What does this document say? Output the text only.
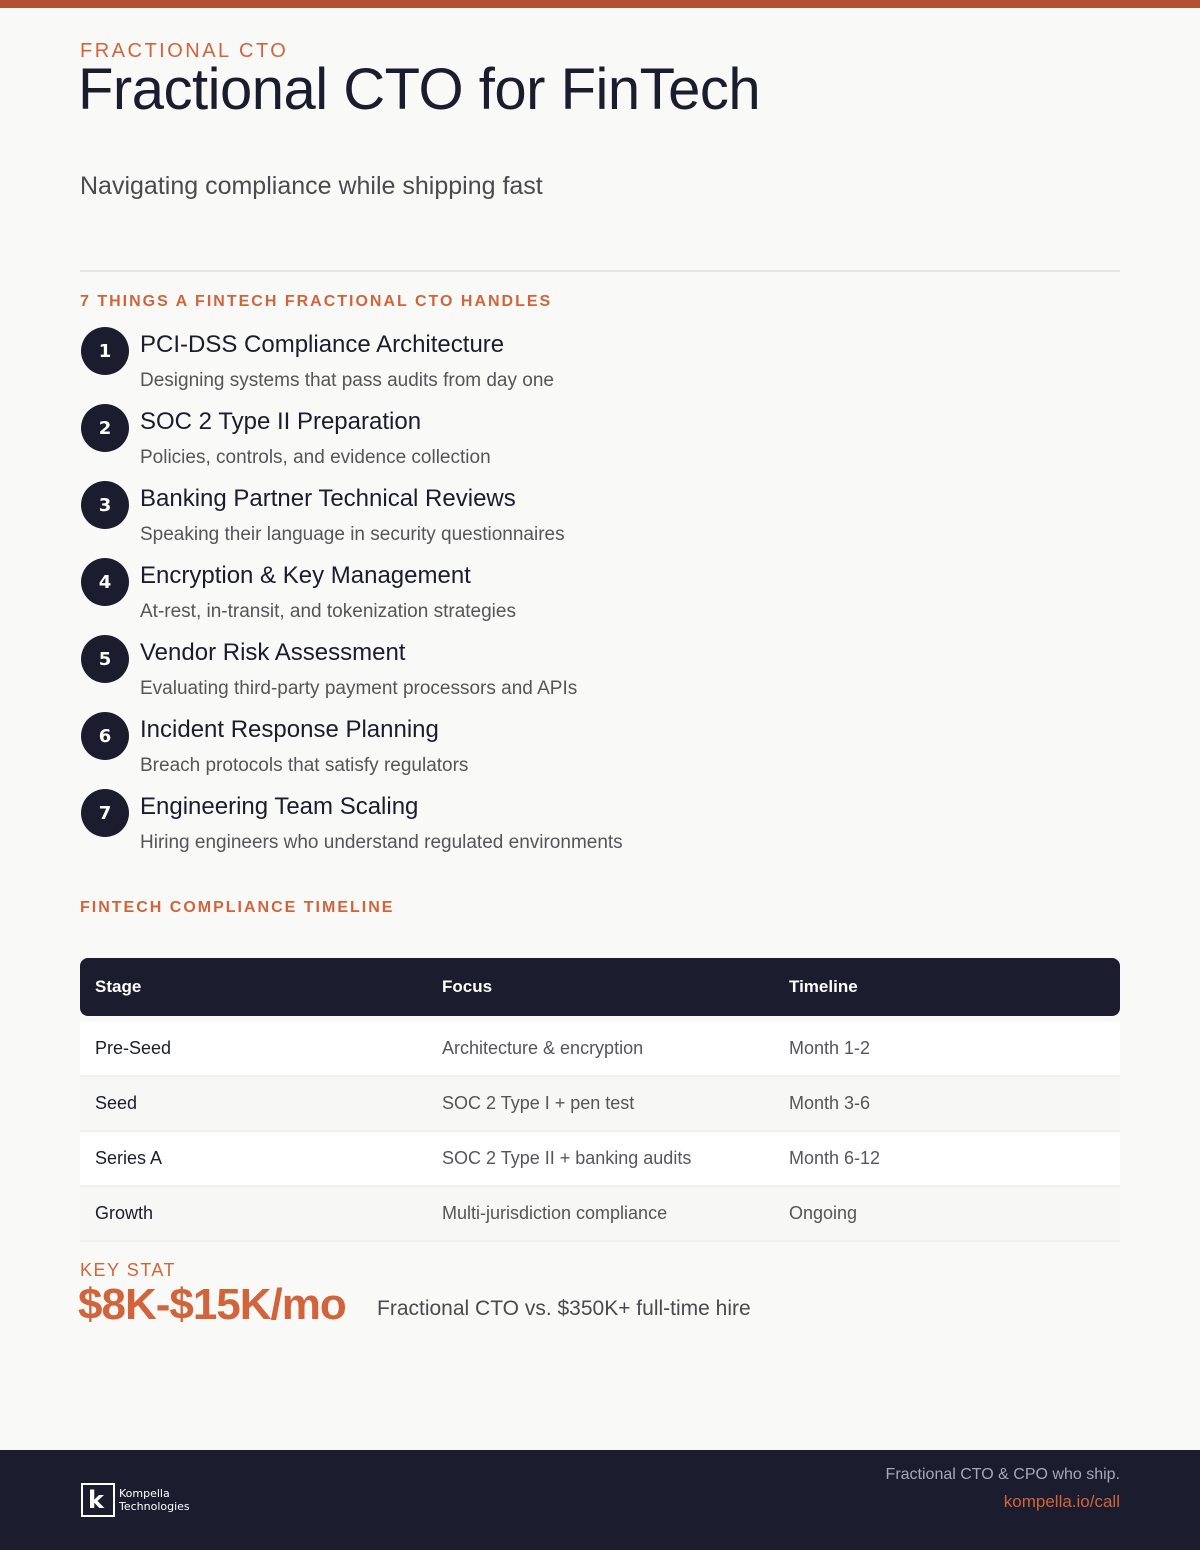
FRACTIONAL CTO
Fractional CTO for FinTech
Navigating compliance while shipping fast
7 THINGS A FINTECH FRACTIONAL CTO HANDLES
1	PCI-DSS Compliance Architecture
Designing systems that pass audits from day one
2	SOC 2 Type II Preparation
Policies, controls, and evidence collection
3	Banking Partner Technical Reviews
Speaking their language in security questionnaires
4	Encryption & Key Management
At-rest, in-transit, and tokenization strategies
5	Vendor Risk Assessment
Evaluating third-party payment processors and APIs
6	Incident Response Planning
Breach protocols that satisfy regulators
7	Engineering Team Scaling
Hiring engineers who understand regulated environments
FINTECH COMPLIANCE TIMELINE
Stage	Focus	Timeline
Pre-Seed	Architecture & encryption	Month 1-2
Seed	SOC 2 Type I + pen test	Month 3-6
Series A	SOC 2 Type II + banking audits	Month 6-12
Growth	Multi-jurisdiction compliance	Ongoing
KEY STAT
$8K-$15K/mo Fractional CTO vs. $350K+ full-time hire
k Kompella
Technologies
Fractional CTO & CPO who ship.
kompella.io/call
